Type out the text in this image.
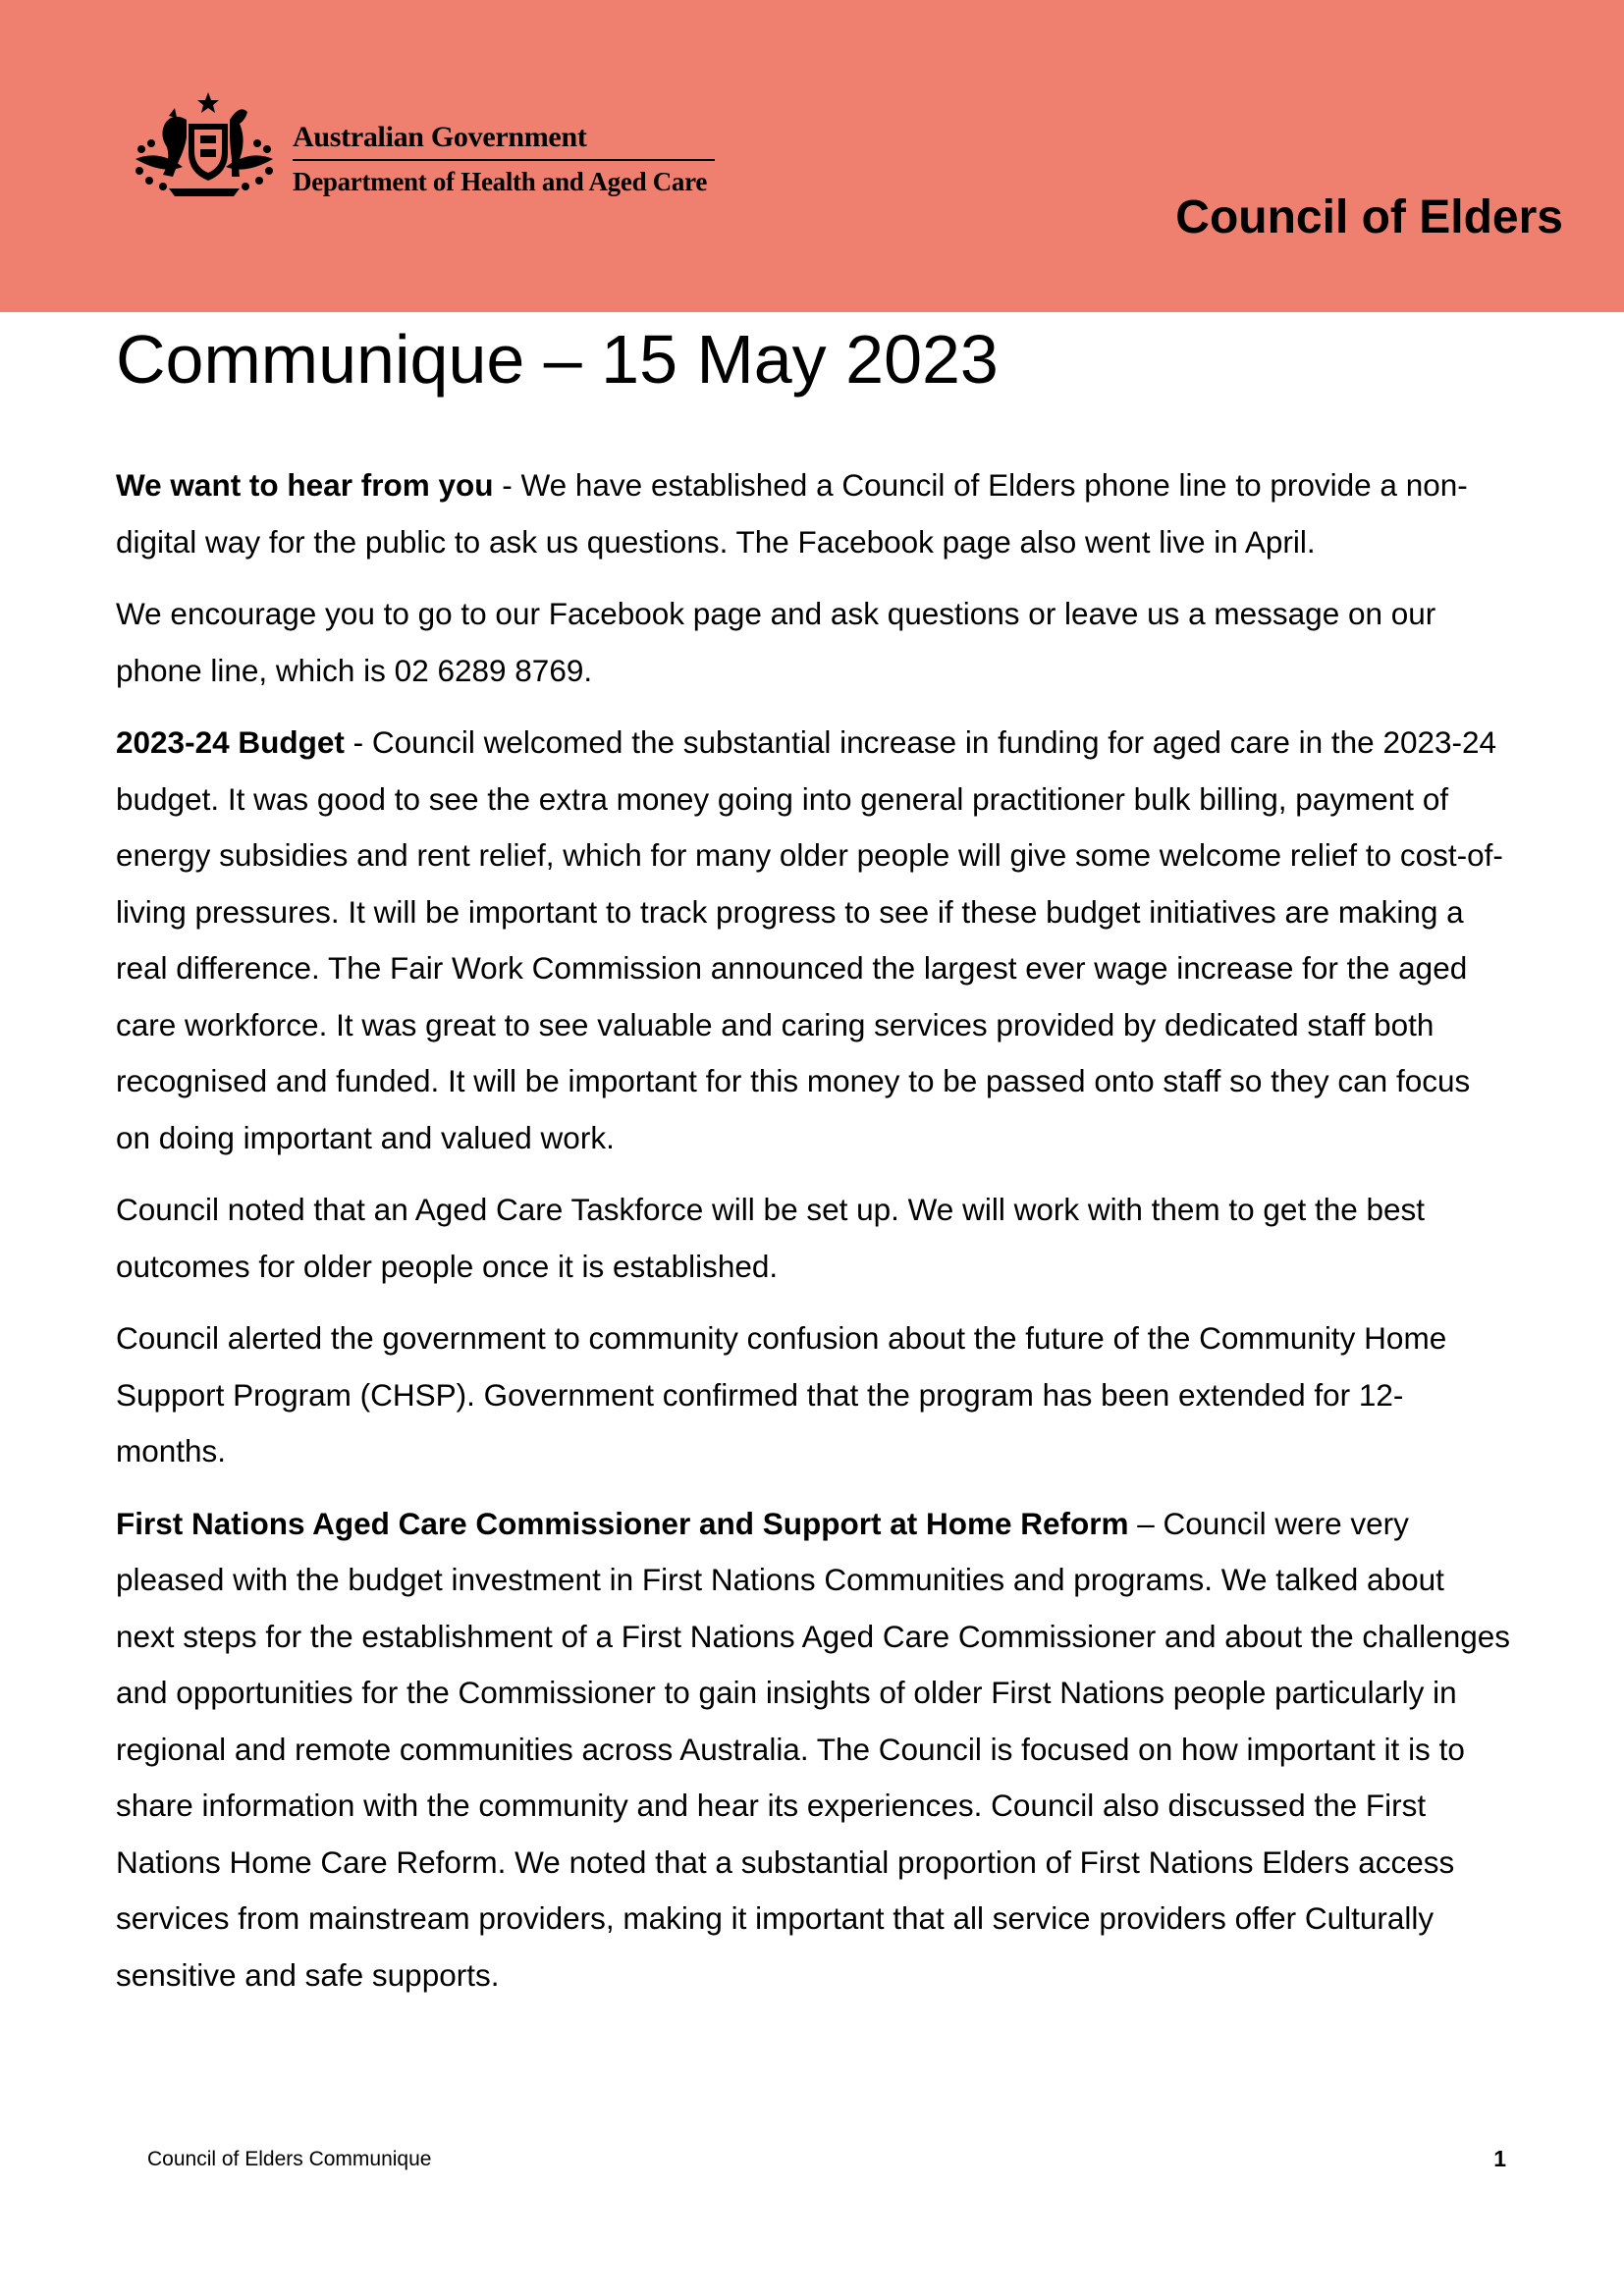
Australian Government
Department of Health and Aged Care
Council of Elders
Communique – 15 May 2023

We want to hear from you - We have established a Council of Elders phone line to provide a non-digital way for the public to ask us questions. The Facebook page also went live in April.

We encourage you to go to our Facebook page and ask questions or leave us a message on our phone line, which is 02 6289 8769.

2023-24 Budget - Council welcomed the substantial increase in funding for aged care in the 2023-24 budget. It was good to see the extra money going into general practitioner bulk billing, payment of energy subsidies and rent relief, which for many older people will give some welcome relief to cost-of-living pressures. It will be important to track progress to see if these budget initiatives are making a real difference. The Fair Work Commission announced the largest ever wage increase for the aged care workforce. It was great to see valuable and caring services provided by dedicated staff both recognised and funded. It will be important for this money to be passed onto staff so they can focus on doing important and valued work.

Council noted that an Aged Care Taskforce will be set up. We will work with them to get the best outcomes for older people once it is established.

Council alerted the government to community confusion about the future of the Community Home Support Program (CHSP). Government confirmed that the program has been extended for 12-months.

First Nations Aged Care Commissioner and Support at Home Reform – Council were very pleased with the budget investment in First Nations Communities and programs. We talked about next steps for the establishment of a First Nations Aged Care Commissioner and about the challenges and opportunities for the Commissioner to gain insights of older First Nations people particularly in regional and remote communities across Australia. The Council is focused on how important it is to share information with the community and hear its experiences. Council also discussed the First Nations Home Care Reform. We noted that a substantial proportion of First Nations Elders access services from mainstream providers, making it important that all service providers offer Culturally sensitive and safe supports.

Council of Elders Communique	1
